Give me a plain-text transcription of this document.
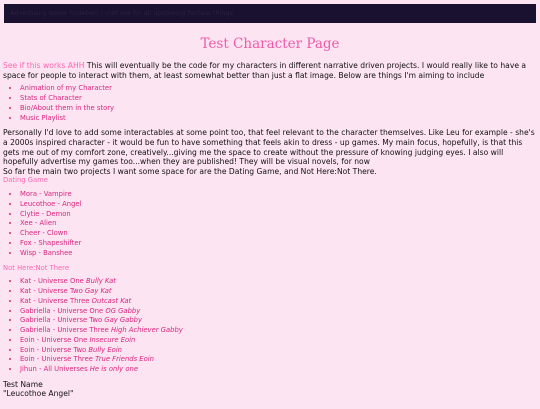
Advertising game (sidebar) / visit me for all upcoming fanfare things
Test Character Page

See if this works AHH This will eventually be the code for my characters in different narrative driven projects. I would really like to have a space for people to interact with them, at least somewhat better than just a flat image. Below are things I'm aiming to include

• Animation of my Character
• Stats of Character
• Bio/About them in the story
• Music Playlist

Personally I'd love to add some interactables at some point too, that feel relevant to the character themselves. Like Leu for example - she's a 2000s inspired character - it would be fun to have something that feels akin to dress - up games. My main focus, hopefully, is that this gets me out of my comfort zone, creatively...giving me the space to create without the pressure of knowing judging eyes. I also will hopefully advertise my games too...when they are published! They will be visual novels, for now

So far the main two projects I want some space for are the Dating Game, and Not Here:Not There.

Dating Game
• Mora - Vampire
• Leucothoe - Angel
• Clytie - Demon
• Xee - Alien
• Cheer - Clown
• Fox - Shapeshifter
• Wisp - Banshee
Not Here:Not There
• Kat - Universe One Bully Kat
• Kat - Universe Two Gay Kat
• Kat - Universe Three Outcast Kat
• Gabriella - Universe One OG Gabby
• Gabriella - Universe Two Gay Gabby
• Gabriella - Universe Three High Achiever Gabby
• Eoin - Universe One Insecure Eoin
• Eoin - Universe Two Bully Eoin
• Eoin - Universe Three True Friends Eoin
• Jihun - All Universes He is only one
Test Name
"Leucothoe Angel"
